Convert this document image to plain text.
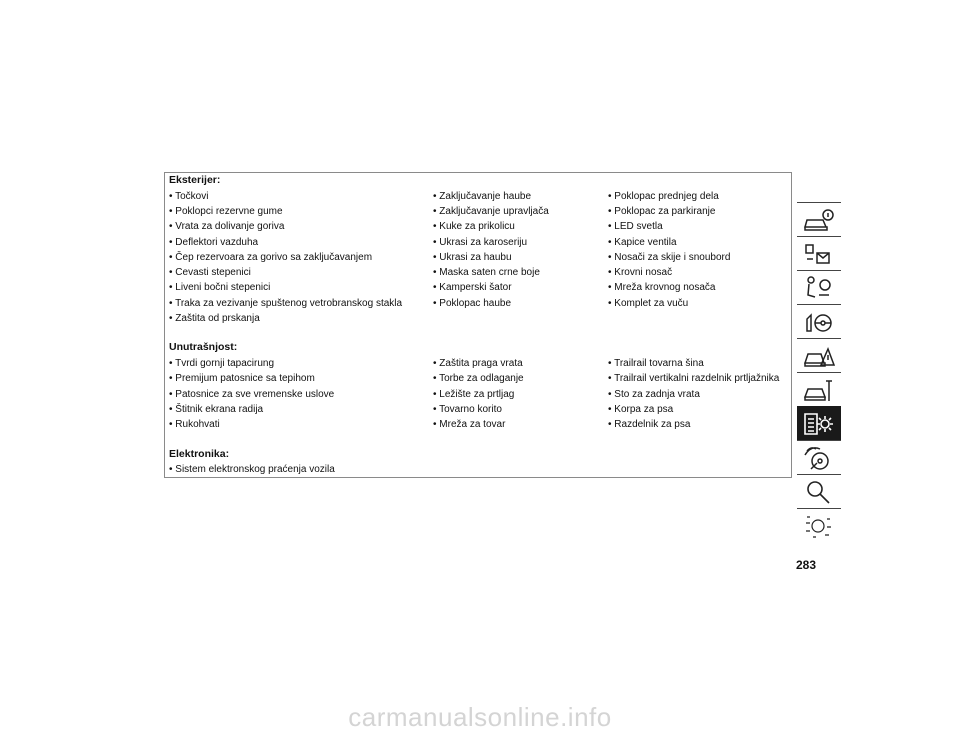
Eksterijer:
• Točkovi
• Poklopci rezervne gume
• Vrata za dolivanje goriva
• Deflektori vazduha
• Čep rezervoara za gorivo sa zaključavanjem
• Cevasti stepenici
• Liveni bočni stepenici
• Traka za vezivanje spuštenog vetrobranskog stakla
• Zaštita od prskanja
• Zaključavanje haube
• Zaključavanje upravljača
• Kuke za prikolicu
• Ukrasi za karoseriju
• Ukrasi za haubu
• Maska saten crne boje
• Kamperski šator
• Poklopac haube
• Poklopac prednjeg dela
• Poklopac za parkiranje
• LED svetla
• Kapice ventila
• Nosači za skije i snoubord
• Krovni nosač
• Mreža krovnog nosača
• Komplet za vuču
Unutrašnjost:
• Tvrdi gornji tapacirung
• Premijum patosnice sa tepihom
• Patosnice za sve vremenske uslove
• Štitnik ekrana radija
• Rukohvati
• Zaštita praga vrata
• Torbe za odlaganje
• Ležište za prtljag
• Tovarno korito
• Mreža za tovar
• Trailrail tovarna šina
• Trailrail vertikalni razdelnik prtljažnika
• Sto za zadnja vrata
• Korpa za psa
• Razdelnik za psa
Elektronika:
• Sistem elektronskog praćenja vozila
283
carmanualsonline.info
